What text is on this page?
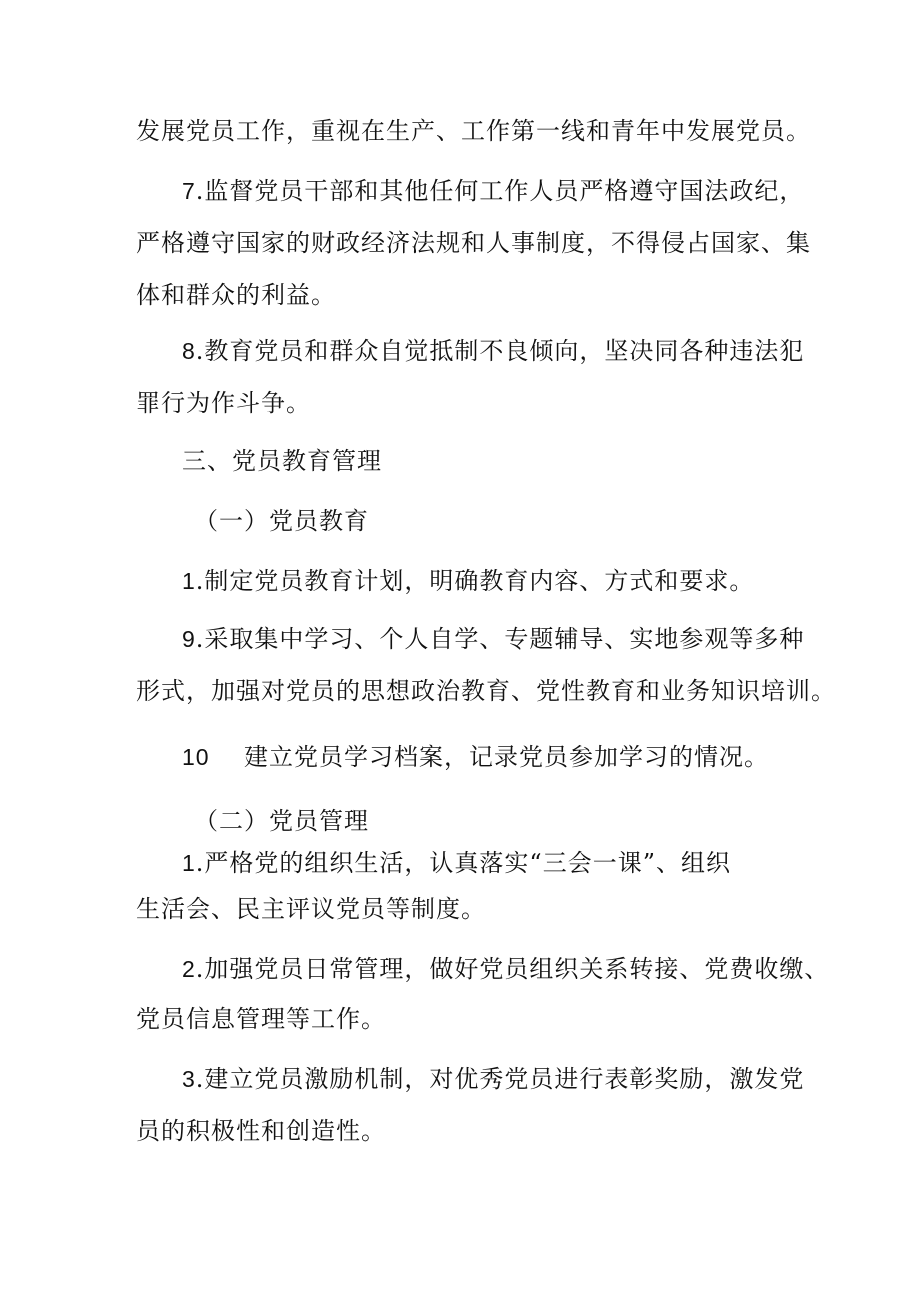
发展党员工作，重视在生产、工作第一线和青年中发展党员。
7.监督党员干部和其他任何工作人员严格遵守国法政纪，
严格遵守国家的财政经济法规和人事制度，不得侵占国家、集
体和群众的利益。
8.教育党员和群众自觉抵制不良倾向，坚决同各种违法犯
罪行为作斗争。
三、党员教育管理
（一）党员教育
1.制定党员教育计划，明确教育内容、方式和要求。
9.采取集中学习、个人自学、专题辅导、实地参观等多种
形式，加强对党员的思想政治教育、党性教育和业务知识培训。
10 建立党员学习档案，记录党员参加学习的情况。
（二）党员管理
1.严格党的组织生活，认真落实“三会一课”、组织
生活会、民主评议党员等制度。
2.加强党员日常管理，做好党员组织关系转接、党费收缴、
党员信息管理等工作。
3.建立党员激励机制，对优秀党员进行表彰奖励，激发党
员的积极性和创造性。
